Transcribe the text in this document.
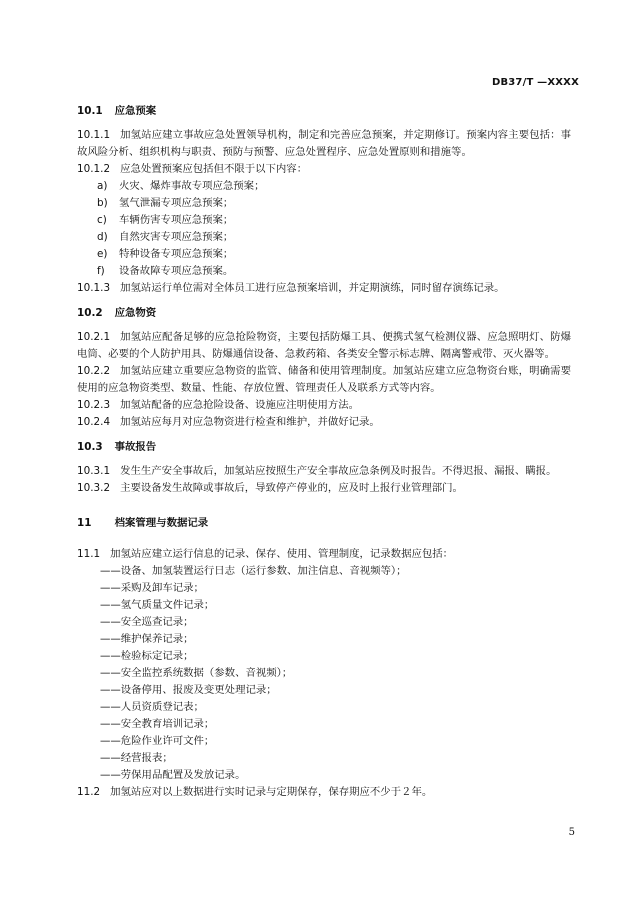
DB37/T —XXXX
10.1 应急预案

10.1.1 加氢站应建立事故应急处置领导机构，制定和完善应急预案，并定期修订。预案内容主要包括：事故风险分析、组织机构与职责、预防与预警、应急处置程序、应急处置原则和措施等。

10.1.2 应急处置预案应包括但不限于以下内容：

a) 火灾、爆炸事故专项应急预案；

b) 氢气泄漏专项应急预案；

c) 车辆伤害专项应急预案；

d) 自然灾害专项应急预案；

e) 特种设备专项应急预案；

f) 设备故障专项应急预案。

10.1.3 加氢站运行单位需对全体员工进行应急预案培训，并定期演练，同时留存演练记录。

10.2 应急物资

10.2.1 加氢站应配备足够的应急抢险物资，主要包括防爆工具、便携式氢气检测仪器、应急照明灯、防爆电筒、必要的个人防护用具、防爆通信设备、急救药箱、各类安全警示标志牌、隔离警戒带、灭火器等。

10.2.2 加氢站应建立重要应急物资的监管、储备和使用管理制度。加氢站应建立应急物资台账，明确需要使用的应急物资类型、数量、性能、存放位置、管理责任人及联系方式等内容。

10.2.3 加氢站配备的应急抢险设备、设施应注明使用方法。

10.2.4 加氢站应每月对应急物资进行检查和维护，并做好记录。

10.3 事故报告

10.3.1 发生生产安全事故后，加氢站应按照生产安全事故应急条例及时报告。不得迟报、漏报、瞒报。

10.3.2 主要设备发生故障或事故后，导致停产停业的，应及时上报行业管理部门。

11 档案管理与数据记录

11.1 加氢站应建立运行信息的记录、保存、使用、管理制度，记录数据应包括：

——设备、加氢装置运行日志（运行参数、加注信息、音视频等）；

——采购及卸车记录；

——氢气质量文件记录；

——安全巡查记录；

——维护保养记录；

——检验标定记录；

——安全监控系统数据（参数、音视频）；

——设备停用、报废及变更处理记录；

——人员资质登记表；

——安全教育培训记录；

——危险作业许可文件；

——经营报表；

——劳保用品配置及发放记录。

11.2 加氢站应对以上数据进行实时记录与定期保存，保存期应不少于２年。

5
